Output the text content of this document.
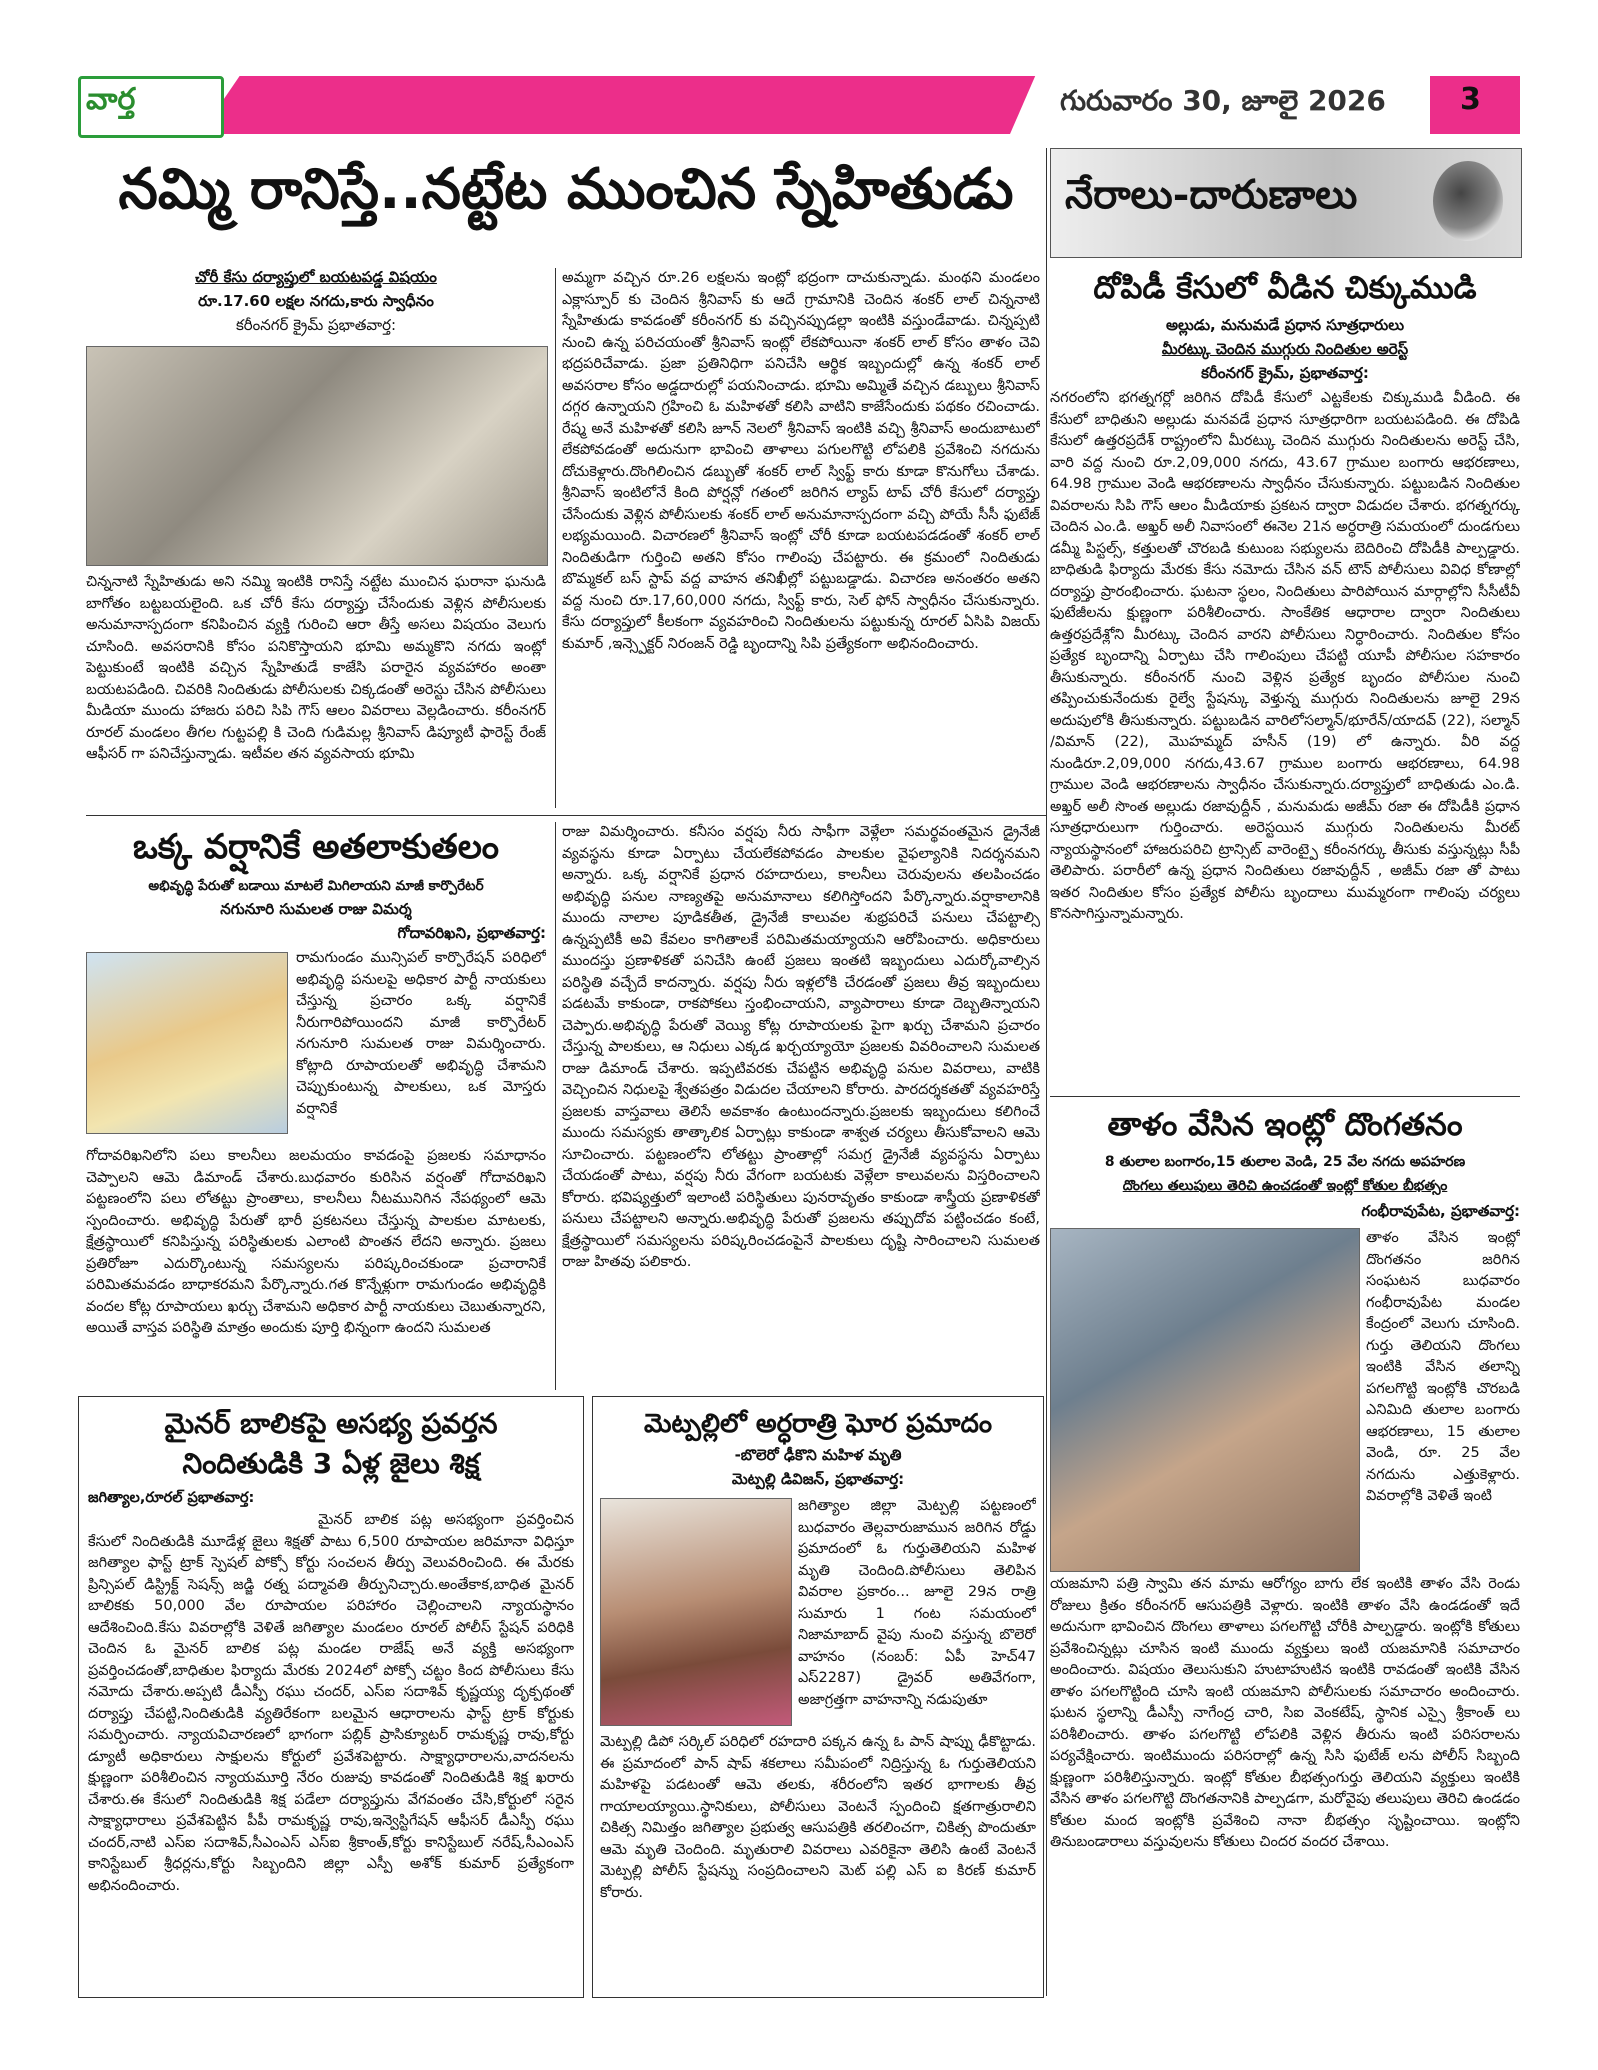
వార్త	గురువారం 30, జూలై 2026 3
నమ్మి రానిస్తే..నట్టేట ముంచిన స్నేహితుడు	నేరాలు-దారుణాలు
చోరీ కేసు దర్యాప్తులో బయటపడ్డ విషయం
రూ.17.60 లక్షల నగదు,కారు స్వాధీనం
కరీంనగర్ క్రైమ్ ప్రభాతవార్త:
చిన్ననాటి స్నేహితుడు అని నమ్మి ఇంటికి రానిస్తే నట్టేట ముంచిన ఘరానా ఘనుడి బాగోతం బట్టబయలైంది. ఒక చోరీ కేసు దర్యాప్తు చేసేందుకు వెళ్లిన పోలీసులకు అనుమానాస్పదంగా కనిపించిన వ్యక్తి గురించి ఆరా తీస్తే అసలు విషయం వెలుగు చూసింది. అవసరానికి కోసం పనికొస్తాయని భూమి అమ్మకొని నగదు ఇంట్లో పెట్టుకుంటే ఇంటికి వచ్చిన స్నేహితుడే కాజేసి పరారైన వ్యవహారం అంతా బయటపడింది. చివరికి నిందితుడు పోలీసులకు చిక్కడంతో అరెస్టు చేసిన పోలీసులు మీడియా ముందు హాజరు పరిచి సిపి గౌస్ ఆలం వివరాలు వెల్లడించారు. కరీంనగర్ రూరల్ మండలం తీగల గుట్టపల్లి కి చెంది గుడిమల్ల శ్రీనివాస్ డిప్యూటీ ఫారెస్ట్ రేంజ్ ఆఫీసర్ గా పనిచేస్తున్నాడు. ఇటీవల తన వ్యవసాయ భూమి
అమ్మగా వచ్చిన రూ.26 లక్షలను ఇంట్లో భద్రంగా దాచుకున్నాడు. మంథని మండలం ఎక్లాస్పూర్ కు చెందిన శ్రీనివాస్ కు ఆదే గ్రామానికి చెందిన శంకర్ లాల్ చిన్ననాటి స్నేహితుడు కావడంతో కరీంనగర్ కు వచ్చినప్పుడల్లా ఇంటికి వస్తుండేవాడు. చిన్నప్పటి నుంచి ఉన్న పరిచయంతో శ్రీనివాస్ ఇంట్లో లేకపోయినా శంకర్ లాల్ కోసం తాళం చెవి భద్రపరిచేవాడు. ప్రజా ప్రతినిధిగా పనిచేసి ఆర్థిక ఇబ్బందుల్లో ఉన్న శంకర్ లాల్ అవసరాల కోసం అడ్డదారుల్లో పయనించాడు. భూమి అమ్మితే వచ్చిన డబ్బులు శ్రీనివాస్ దగ్గర ఉన్నాయని గ్రహించి ఓ మహిళతో కలిసి వాటిని కాజేసేందుకు పథకం రచించాడు. రేష్మ అనే మహిళతో కలిసి జూన్ నెలలో శ్రీనివాస్ ఇంటికి వచ్చి శ్రీనివాస్ అందుబాటులో లేకపోవడంతో అదునుగా భావించి తాళాలు పగులగొట్టి లోపలికి ప్రవేశించి నగదును దోచుకెళ్లారు.దొంగిలించిన డబ్బుతో శంకర్ లాల్ స్విఫ్ట్ కారు కూడా కొనుగోలు చేశాడు. శ్రీనివాస్ ఇంటిలోనే కింది పోర్షన్లో గతంలో జరిగిన ల్యాప్ టాప్ చోరీ కేసులో దర్యాప్తు చేసేందుకు వెళ్లిన పోలీసులకు శంకర్ లాల్ అనుమానాస్పదంగా వచ్చి పోయే సీసీ ఫుటేజ్ లభ్యమయింది. విచారణలో శ్రీనివాస్ ఇంట్లో చోరీ కూడా బయటపడడంతో శంకర్ లాల్ నిందితుడిగా గుర్తించి అతని కోసం గాలింపు చేపట్టారు. ఈ క్రమంలో నిందితుడు బొమ్మకల్ బస్ స్టాప్ వద్ద వాహన తనిఖీల్లో పట్టుబడ్డాడు. విచారణ అనంతరం అతని వద్ద నుంచి రూ.17,60,000 నగదు, స్విఫ్ట్ కారు, సెల్ ఫోన్ స్వాధీనం చేసుకున్నారు. కేసు దర్యాప్తులో కీలకంగా వ్యవహరించి నిందితులను పట్టుకున్న రూరల్ ఏసిపి విజయ్ కుమార్ ,ఇన్స్పెక్టర్ నిరంజన్ రెడ్డి బృందాన్ని సిపి ప్రత్యేకంగా అభినందించారు.
ఒక్క వర్షానికే అతలాకుతలం
అభివృద్ధి పేరుతో బడాయి మాటలే మిగిలాయని మాజీ కార్పొరేటర్
నగునూరి సుమలత రాజు విమర్శ
గోదావరిఖని, ప్రభాతవార్త:
రామగుండం మున్సిపల్ కార్పొరేషన్ పరిధిలో అభివృద్ధి పనులపై అధికార పార్టీ నాయకులు చేస్తున్న ప్రచారం ఒక్క వర్షానికే నీరుగారిపోయిందని మాజీ కార్పొరేటర్ నగునూరి సుమలత రాజు విమర్శించారు. కోట్లాది రూపాయలతో అభివృద్ధి చేశామని చెప్పుకుంటున్న పాలకులు, ఒక మోస్తరు వర్షానికే
గోదావరిఖనిలోని పలు కాలనీలు జలమయం కావడంపై ప్రజలకు సమాధానం చెప్పాలని ఆమె డిమాండ్ చేశారు.బుధవారం కురిసిన వర్షంతో గోదావరిఖని పట్టణంలోని పలు లోతట్టు ప్రాంతాలు, కాలనీలు నీటమునిగిన నేపథ్యంలో ఆమె స్పందించారు. అభివృద్ధి పేరుతో భారీ ప్రకటనలు చేస్తున్న పాలకుల మాటలకు, క్షేత్రస్థాయిలో కనిపిస్తున్న పరిస్థితులకు ఎలాంటి పొంతన లేదని అన్నారు. ప్రజలు ప్రతిరోజూ ఎదుర్కొంటున్న సమస్యలను పరిష్కరించకుండా ప్రచారానికే పరిమితమవడం బాధాకరమని పేర్కొన్నారు.గత కొన్నేళ్లుగా రామగుండం అభివృద్ధికి వందల కోట్ల రూపాయలు ఖర్చు చేశామని అధికార పార్టీ నాయకులు చెబుతున్నారని, అయితే వాస్తవ పరిస్థితి మాత్రం అందుకు పూర్తి భిన్నంగా ఉందని సుమలత
రాజు విమర్శించారు. కనీసం వర్షపు నీరు సాఫీగా వెళ్లేలా సమర్థవంతమైన డ్రైనేజీ వ్యవస్థను కూడా ఏర్పాటు చేయలేకపోవడం పాలకుల వైఫల్యానికి నిదర్శనమని అన్నారు. ఒక్క వర్షానికే ప్రధాన రహదారులు, కాలనీలు చెరువులను తలపించడం అభివృద్ధి పనుల నాణ్యతపై అనుమానాలు కలిగిస్తోందని పేర్కొన్నారు.వర్షాకాలానికి ముందు నాలాల పూడికతీత, డ్రైనేజీ కాలువల శుభ్రపరిచే పనులు చేపట్టాల్సి ఉన్నప్పటికీ అవి కేవలం కాగితాలకే పరిమితమయ్యాయని ఆరోపించారు. అధికారులు ముందస్తు ప్రణాళికతో పనిచేసి ఉంటే ప్రజలు ఇంతటి ఇబ్బందులు ఎదుర్కోవాల్సిన పరిస్థితి వచ్చేదే కాదన్నారు. వర్షపు నీరు ఇళ్లలోకి చేరడంతో ప్రజలు తీవ్ర ఇబ్బందులు పడటమే కాకుండా, రాకపోకలు స్తంభించాయని, వ్యాపారాలు కూడా దెబ్బతిన్నాయని చెప్పారు.అభివృద్ధి పేరుతో వెయ్యి కోట్ల రూపాయలకు పైగా ఖర్చు చేశామని ప్రచారం చేస్తున్న పాలకులు, ఆ నిధులు ఎక్కడ ఖర్చయ్యాయో ప్రజలకు వివరించాలని సుమలత రాజు డిమాండ్ చేశారు. ఇప్పటివరకు చేపట్టిన అభివృద్ధి పనుల వివరాలు, వాటికి వెచ్చించిన నిధులపై శ్వేతపత్రం విడుదల చేయాలని కోరారు. పారదర్శకతతో వ్యవహరిస్తే ప్రజలకు వాస్తవాలు తెలిసే అవకాశం ఉంటుందన్నారు.ప్రజలకు ఇబ్బందులు కలిగించే ముందు సమస్యకు తాత్కాలిక ఏర్పాట్లు కాకుండా శాశ్వత చర్యలు తీసుకోవాలని ఆమె సూచించారు. పట్టణంలోని లోతట్టు ప్రాంతాల్లో సమగ్ర డ్రైనేజీ వ్యవస్థను ఏర్పాటు చేయడంతో పాటు, వర్షపు నీరు వేగంగా బయటకు వెళ్లేలా కాలువలను విస్తరించాలని కోరారు. భవిష్యత్తులో ఇలాంటి పరిస్థితులు పునరావృతం కాకుండా శాస్త్రీయ ప్రణాళికతో పనులు చేపట్టాలని అన్నారు.అభివృద్ధి పేరుతో ప్రజలను తప్పుదోవ పట్టించడం కంటే, క్షేత్రస్థాయిలో సమస్యలను పరిష్కరించడంపైనే పాలకులు దృష్టి సారించాలని సుమలత రాజు హితవు పలికారు.
దోపిడీ కేసులో వీడిన చిక్కుముడి
అల్లుడు, మనుమడే ప్రధాన సూత్రధారులు
మీరట్కు చెందిన ముగ్గురు నిందితుల అరెస్ట్
కరీంనగర్ క్రైమ్, ప్రభాతవార్త:
నగరంలోని భగత్నగర్లో జరిగిన దోపిడీ కేసులో ఎట్టకేలకు చిక్కుముడి వీడింది. ఈ కేసులో బాధితుని అల్లుడు మనవడే ప్రధాన సూత్రధారిగా బయటపడింది. ఈ దోపిడి కేసులో ఉత్తరప్రదేశ్ రాష్ట్రంలోని మీరట్కు చెందిన ముగ్గురు నిందితులను అరెస్ట్ చేసి, వారి వద్ద నుంచి రూ.2,09,000 నగదు, 43.67 గ్రాముల బంగారు ఆభరణాలు, 64.98 గ్రాముల వెండి ఆభరణాలను స్వాధీనం చేసుకున్నారు. పట్టుబడిన నిందితుల వివరాలను సిపి గౌస్ ఆలం మీడియాకు ప్రకటన ద్వారా విడుదల చేశారు. భగత్నగర్కు చెందిన ఎం.డి. అఖ్తర్ అలీ నివాసంలో ఈనెల 21న అర్ధరాత్రి సమయంలో దుండగులు డమ్మీ పిస్టల్స్, కత్తులతో చొరబడి కుటుంబ సభ్యులను బెదిరించి దోపిడీకి పాల్పడ్డారు. బాధితుడి ఫిర్యాదు మేరకు కేసు నమోదు చేసిన వన్ టౌన్ పోలీసులు వివిధ కోణాల్లో దర్యాప్తు ప్రారంభించారు. ఘటనా స్థలం, నిందితులు పారిపోయిన మార్గాల్లోని సీసీటీవీ ఫుటేజీలను క్షుణ్ణంగా పరిశీలించారు. సాంకేతిక ఆధారాల ద్వారా నిందితులు ఉత్తరప్రదేశ్లోని మీరట్కు చెందిన వారని పోలీసులు నిర్ధారించారు. నిందితుల కోసం ప్రత్యేక బృందాన్ని ఏర్పాటు చేసి గాలింపులు చేపట్టి యూపీ పోలీసుల సహకారం తీసుకున్నారు. కరీంనగర్ నుంచి వెళ్లిన ప్రత్యేక బృందం పోలీసుల నుంచి తప్పించుకునేందుకు రైల్వే స్టేషన్కు వెళ్తున్న ముగ్గురు నిందితులను జూలై 29న అదుపులోకి తీసుకున్నారు. పట్టుబడిన వారిలోసల్మాన్/భూరేన్/యాదవ్ (22), సల్మాన్ /విమాన్ (22), మొహమ్మద్ హసీన్ (19) లో ఉన్నారు. వీరి వద్ద నుండిరూ.2,09,000 నగదు,43.67 గ్రాముల బంగారు ఆభరణాలు, 64.98 గ్రాముల వెండి ఆభరణాలను స్వాధీనం చేసుకున్నారు.దర్యాప్తులో బాధితుడు ఎం.డి. అఖ్తర్ అలీ సొంత అల్లుడు రజావుద్దీన్ , మనుమడు అజీమ్ రజా ఈ దోపిడీకి ప్రధాన సూత్రధారులుగా గుర్తించారు. అరెస్టయిన ముగ్గురు నిందితులను మీరట్ న్యాయస్థానంలో హాజరుపరిచి ట్రాన్సిట్ వారెంట్పై కరీంనగర్కు తీసుకు వస్తున్నట్లు సీపీ తెలిపారు. పరారీలో ఉన్న ప్రధాన నిందితులు రజావుద్దీన్ , అజీమ్ రజా తో పాటు ఇతర నిందితుల కోసం ప్రత్యేక పోలీసు బృందాలు ముమ్మరంగా గాలింపు చర్యలు కొనసాగిస్తున్నామన్నారు.
తాళం వేసిన ఇంట్లో దొంగతనం
8 తులాల బంగారం,15 తులాల వెండి, 25 వేల నగదు అపహరణ
దొంగలు తలుపులు తెరిచి ఉంచడంతో ఇంట్లో కోతుల బీభత్సం
గంభీరావుపేట, ప్రభాతవార్త:
తాళం వేసిన ఇంట్లో దొంగతనం జరిగిన సంఘటన బుధవారం గంభీరావుపేట మండల కేంద్రంలో వెలుగు చూసింది. గుర్తు తెలియని దొంగలు ఇంటికి వేసిన తలాన్ని పగలగొట్టి ఇంట్లోకి చొరబడి ఎనిమిది తులాల బంగారు ఆభరణాలు, 15 తులాల వెండి, రూ. 25 వేల నగదును ఎత్తుకెళ్లారు. వివరాల్లోకి వెళితే ఇంటి
యజమాని పత్రి స్వామి తన మామ ఆరోగ్యం బాగు లేక ఇంటికి తాళం వేసి రెండు రోజులు క్రితం కరీంనగర్ ఆసుపత్రికి వెళ్లారు. ఇంటికి తాళం వేసి ఉండడంతో ఇదే అదునుగా భావించిన దొంగలు తాళాలు పగలగొట్టి చోరీకి పాల్పడ్డారు. ఇంట్లోకి కోతులు ప్రవేశించిన్నట్లు చూసిన ఇంటి ముందు వ్యక్తులు ఇంటి యజమానికి సమాచారం అందించారు. విషయం తెలుసుకుని హుటాహుటిన ఇంటికి రావడంతో ఇంటికి వేసిన తాళం పగలగొట్టింది చూసి ఇంటి యజమాని పోలీసులకు సమాచారం అందించారు. ఘటన స్థలాన్ని డీఎస్పీ నాగేంద్ర చారి, సిఐ వెంకటేష్, స్థానిక ఎస్సై శ్రీకాంత్ లు పరిశీలించారు. తాళం పగలగొట్టి లోపలికి వెళ్లిన తీరును ఇంటి పరిసరాలను పర్యవేక్షించారు. ఇంటిముందు పరిసరాల్లో ఉన్న సిసి ఫుటేజ్ లను పోలీస్ సిబ్బంది క్షుణ్ణంగా పరిశీలిస్తున్నారు. ఇంట్లో కోతుల బీభత్సంగుర్తు తెలియని వ్యక్తులు ఇంటికి వేసిన తాళం పగలగొట్టి దొంగతనానికి పాల్పడగా, మరోవైపు తలుపులు తెరిచి ఉండడం కోతుల మంద ఇంట్లోకి ప్రవేశించి నానా బీభత్సం సృష్టించాయి. ఇంట్లోని తినుబండారాలు వస్తువులను కోతులు చిందర వందర చేశాయి.
మైనర్ బాలికపై అసభ్య ప్రవర్తన
నిందితుడికి 3 ఏళ్ల జైలు శిక్ష
జగిత్యాల,రూరల్ ప్రభాతవార్త:
మైనర్ బాలిక పట్ల అసభ్యంగా ప్రవర్తించిన కేసులో నిందితుడికి మూడేళ్ల జైలు శిక్షతో పాటు 6,500 రూపాయల జరిమానా విధిస్తూ జగిత్యాల ఫాస్ట్ ట్రాక్ స్పెషల్ పోక్సో కోర్టు సంచలన తీర్పు వెలువరించింది. ఈ మేరకు ప్రిన్సిపల్ డిస్ట్రిక్ట్ సెషన్స్ జడ్జి రత్న పద్మావతి తీర్పునిచ్చారు.అంతేకాక,బాధిత మైనర్ బాలికకు 50,000 వేల రూపాయల పరిహారం చెల్లించాలని న్యాయస్థానం ఆదేశించింది.కేసు వివరాల్లోకి వెళితే జగిత్యాల మండలం రూరల్ పోలీస్ స్టేషన్ పరిధికి చెందిన ఓ మైనర్ బాలిక పట్ల మండల రాజేష్ అనే వ్యక్తి అసభ్యంగా ప్రవర్తించడంతో,బాధితుల ఫిర్యాదు మేరకు 2024లో పోక్సో చట్టం కింద పోలీసులు కేసు నమోదు చేశారు.అప్పటి డీఎస్పీ రఘు చందర్, ఎస్ఐ సదాశివ్ కృష్ణయ్య దృక్పథంతో దర్యాప్తు చేపట్టి,నిందితుడికి వ్యతిరేకంగా బలమైన ఆధారాలను ఫాస్ట్ ట్రాక్ కోర్టుకు సమర్పించారు. న్యాయవిచారణలో భాగంగా పబ్లిక్ ప్రాసిక్యూటర్ రామకృష్ణ రావు,కోర్టు డ్యూటీ అధికారులు సాక్షులను కోర్టులో ప్రవేశపెట్టారు. సాక్ష్యాధారాలను,వాదనలను క్షుణ్ణంగా పరిశీలించిన న్యాయమూర్తి నేరం రుజువు కావడంతో నిందితుడికి శిక్ష ఖరారు చేశారు.ఈ కేసులో నిందితుడికి శిక్ష పడేలా దర్యాప్తును వేగవంతం చేసి,కోర్టులో సరైన సాక్ష్యాధారాలు ప్రవేశపెట్టిన పీపీ రామకృష్ణ రావు,ఇన్వెస్టిగేషన్ ఆఫీసర్ డీఎస్పీ రఘు చందర్,నాటి ఎస్ఐ సదాశివ్,సీఎంఎస్ ఎస్ఐ శ్రీకాంత్,కోర్టు కానిస్టేబుల్ నరేష్,సీఎంఎస్ కానిస్టేబుల్ శ్రీధర్లను,కోర్టు సిబ్బందిని జిల్లా ఎస్పీ అశోక్ కుమార్ ప్రత్యేకంగా అభినందించారు.
మెట్పల్లిలో అర్ధరాత్రి ఘోర ప్రమాదం
-బొలెరో ఢీకొని మహిళ మృతి
మెట్పల్లి డివిజన్, ప్రభాతవార్త:
జగిత్యాల జిల్లా మెట్పల్లి పట్టణంలో బుధవారం తెల్లవారుజామున జరిగిన రోడ్డు ప్రమాదంలో ఓ గుర్తుతెలియని మహిళ మృతి చెందింది.పోలీసులు తెలిపిన వివరాల ప్రకారం... జూలై 29న రాత్రి సుమారు 1 గంట సమయంలో నిజామాబాద్ వైపు నుంచి వస్తున్న బొలెరో వాహనం (నంబర్: ఏపీ హెచ్47 ఎస్2287) డ్రైవర్ అతివేగంగా, అజాగ్రత్తగా వాహనాన్ని నడుపుతూ
మెట్పల్లి డిపో సర్కిల్ పరిధిలో రహదారి పక్కన ఉన్న ఓ పాన్ షాప్ను ఢీకొట్టాడు. ఈ ప్రమాదంలో పాన్ షాప్ శకలాలు సమీపంలో నిద్రిస్తున్న ఓ గుర్తుతెలియని మహిళపై పడటంతో ఆమె తలకు, శరీరంలోని ఇతర భాగాలకు తీవ్ర గాయాలయ్యాయి.స్థానికులు, పోలీసులు వెంటనే స్పందించి క్షతగాత్రురాలిని చికిత్స నిమిత్తం జగిత్యాల ప్రభుత్వ ఆసుపత్రికి తరలించగా, చికిత్స పొందుతూ ఆమె మృతి చెందింది. మృతురాలి వివరాలు ఎవరికైనా తెలిసి ఉంటే వెంటనే మెట్పల్లి పోలీస్ స్టేషన్ను సంప్రదించాలని మెట్ పల్లి ఎస్ ఐ కిరణ్ కుమార్ కోరారు.
